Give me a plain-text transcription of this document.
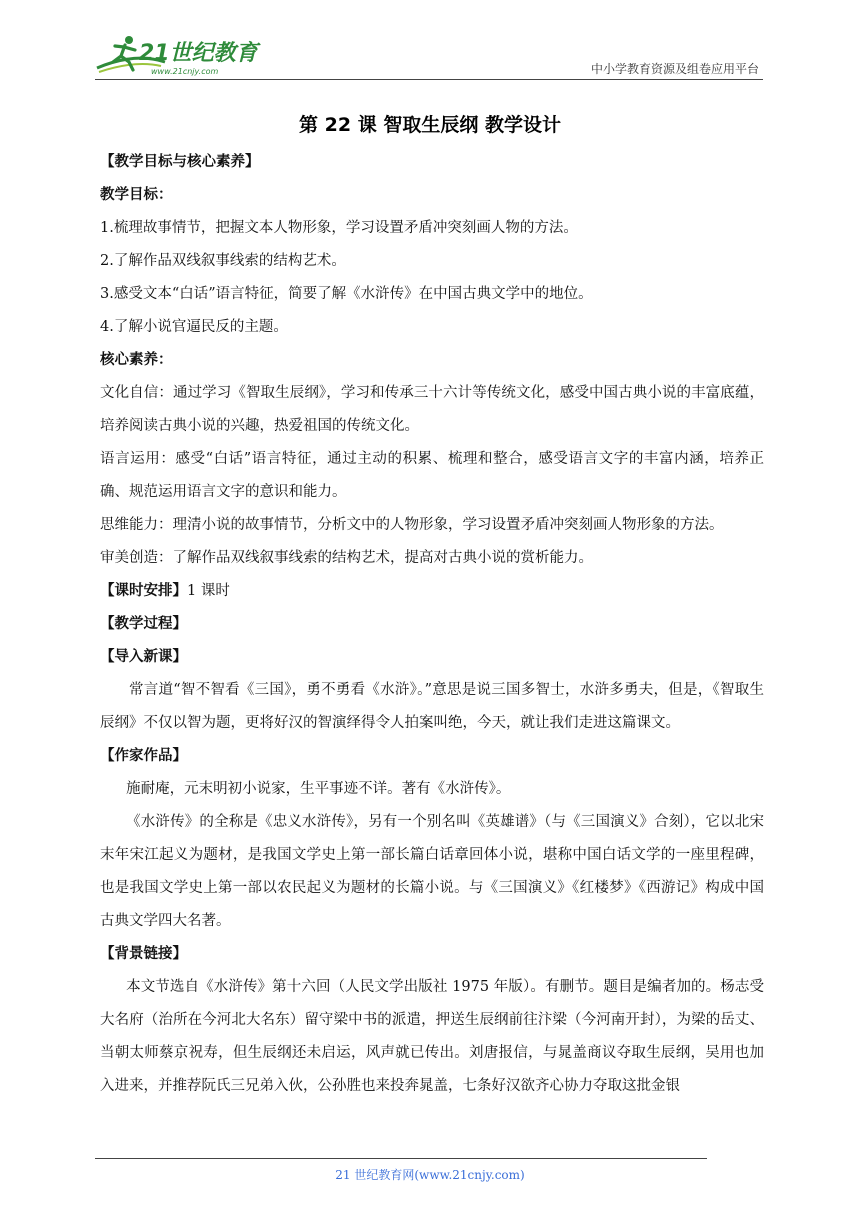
21世纪教育
www.21cnjy.com	中小学教育资源及组卷应用平台
第 22 课 智取生辰纲 教学设计
【教学目标与核心素养】
教学目标：
1.梳理故事情节，把握文本人物形象，学习设置矛盾冲突刻画人物的方法。
2.了解作品双线叙事线索的结构艺术。
3.感受文本“白话”语言特征，简要了解《水浒传》在中国古典文学中的地位。
4.了解小说官逼民反的主题。
核心素养：

文化自信：通过学习《智取生辰纲》，学习和传承三十六计等传统文化，感受中国古典小说的丰富底蕴，培养阅读古典小说的兴趣，热爱祖国的传统文化。

语言运用：感受“白话”语言特征，通过主动的积累、梳理和整合，感受语言文字的丰富内涵，培养正确、规范运用语言文字的意识和能力。

思维能力：理清小说的故事情节，分析文中的人物形象，学习设置矛盾冲突刻画人物形象的方法。

审美创造：了解作品双线叙事线索的结构艺术，提高对古典小说的赏析能力。

【课时安排】1 课时
【教学过程】
【导入新课】

常言道“智不智看《三国》，勇不勇看《水浒》。”意思是说三国多智士，水浒多勇夫，但是，《智取生辰纲》不仅以智为题，更将好汉的智演绎得令人拍案叫绝，今天，就让我们走进这篇课文。

【作家作品】

施耐庵，元末明初小说家，生平事迹不详。著有《水浒传》。

《水浒传》的全称是《忠义水浒传》，另有一个别名叫《英雄谱》（与《三国演义》合刻），它以北宋末年宋江起义为题材，是我国文学史上第一部长篇白话章回体小说，堪称中国白话文学的一座里程碑，也是我国文学史上第一部以农民起义为题材的长篇小说。与《三国演义》《红楼梦》《西游记》构成中国古典文学四大名著。

【背景链接】

本文节选自《水浒传》第十六回（人民文学出版社 1975 年版）。有删节。题目是编者加的。杨志受大名府（治所在今河北大名东）留守梁中书的派遣，押送生辰纲前往汴梁（今河南开封），为梁的岳丈、当朝太师蔡京祝寿，但生辰纲还未启运，风声就已传出。刘唐报信，与晁盖商议夺取生辰纲，吴用也加入进来，并推荐阮氏三兄弟入伙，公孙胜也来投奔晁盖，七条好汉欲齐心协力夺取这批金银

21 世纪教育网(www.21cnjy.com)
